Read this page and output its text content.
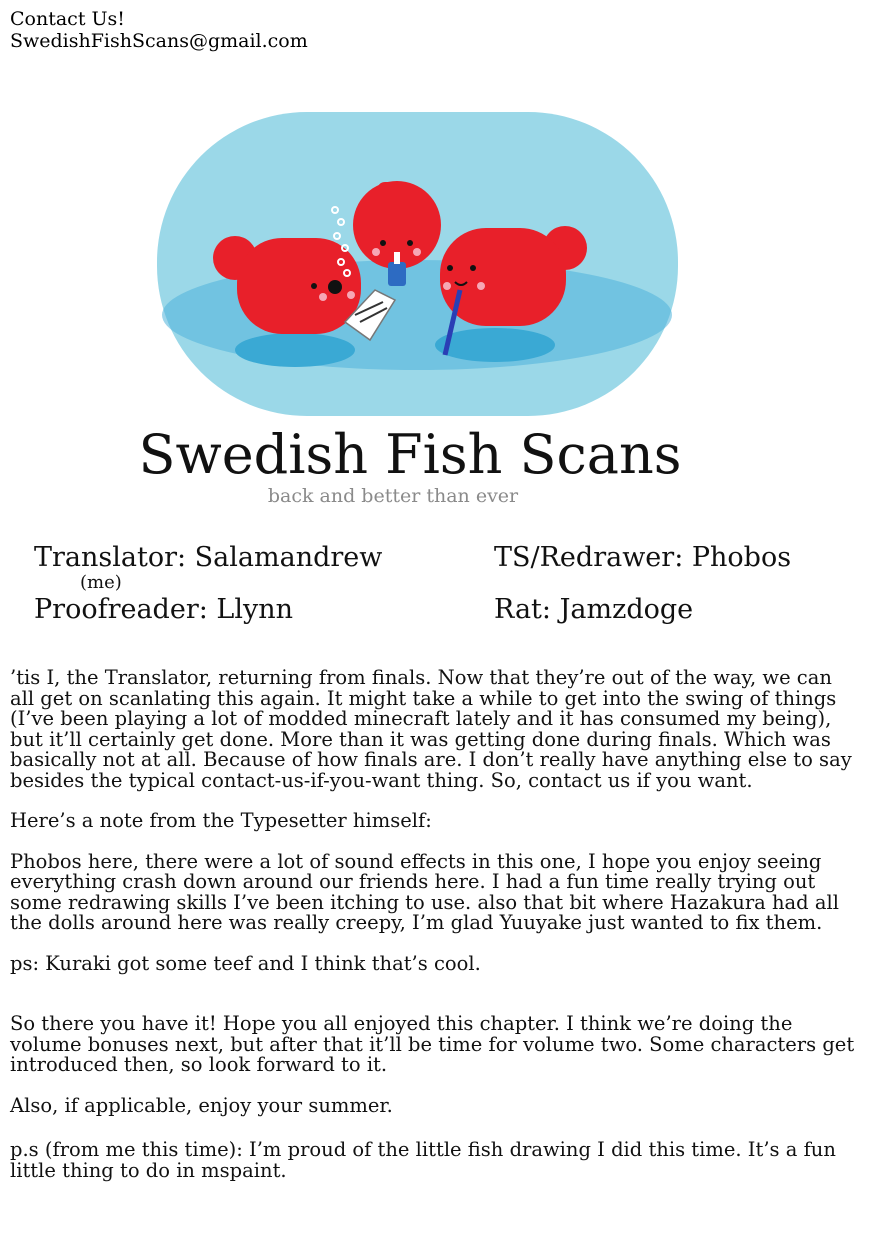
Contact Us!
SwedishFishScans@gmail.com
Swedish Fish Scans
back and better than ever
Translator: Salamandrew
(me)
Proofreader: Llynn
TS/Redrawer: Phobos
Rat: Jamzdoge

’tis I, the Translator, returning from finals. Now that they’re out of the way, we can all get on scanlating this again. It might take a while to get into the swing of things (I’ve been playing a lot of modded minecraft lately and it has consumed my being), but it’ll certainly get done. More than it was getting done during finals. Which was basically not at all. Because of how finals are. I don’t really have anything else to say besides the typical contact-us-if-you-want thing. So, contact us if you want.

Here’s a note from the Typesetter himself:

Phobos here, there were a lot of sound effects in this one, I hope you enjoy seeing everything crash down around our friends here. I had a fun time really trying out some redrawing skills I’ve been itching to use. also that bit where Hazakura had all the dolls around here was really creepy, I’m glad Yuuyake just wanted to fix them.

ps: Kuraki got some teef and I think that’s cool.

So there you have it! Hope you all enjoyed this chapter. I think we’re doing the volume bonuses next, but after that it’ll be time for volume two. Some characters get introduced then, so look forward to it.

Also, if applicable, enjoy your summer.

p.s (from me this time): I’m proud of the little fish drawing I did this time. It’s a fun little thing to do in mspaint.
